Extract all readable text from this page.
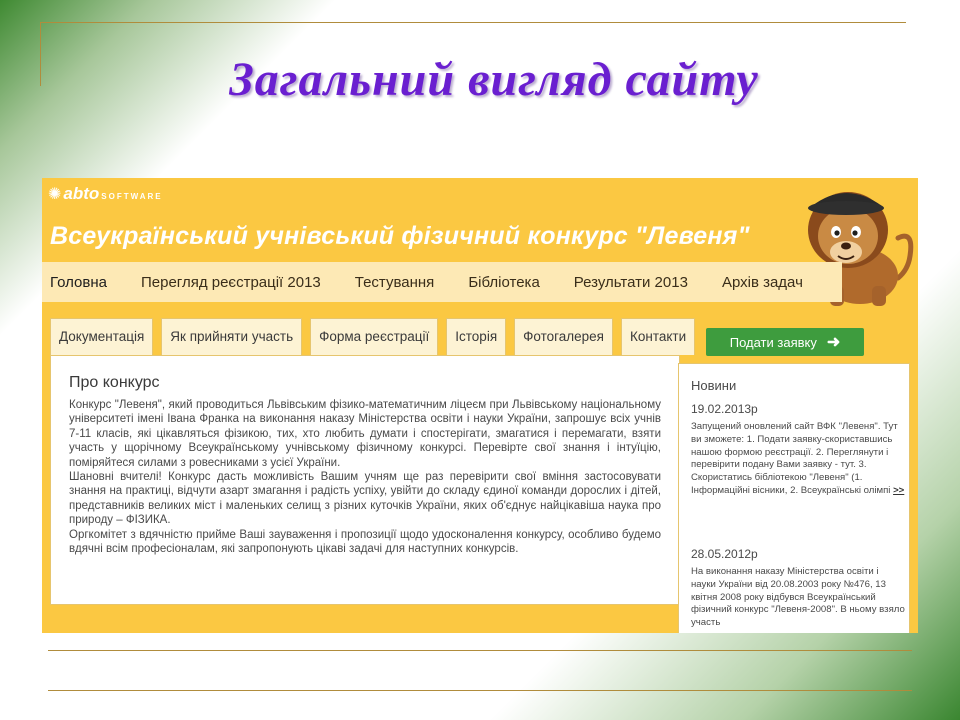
Загальний вигляд сайту
✺ abto SOFTWARE
Всеукраїнський учнівський фізичний конкурс "Левеня"
Головна	Перегляд реєстрації 2013	Тестування	Бібліотека	Результати 2013	Архів задач
Документація	Як прийняти участь	Форма реєстрації	Історія	Фотогалерея	Контакти	Подати заявку ➜
Про конкурс

Конкурс "Левеня", який проводиться Львівським фізико-математичним ліцеєм при Львівському національному університеті імені Івана Франка на виконання наказу Міністерства освіти і науки України, запрошує всіх учнів 7-11 класів, які цікавляться фізикою, тих, хто любить думати і спостерігати, змагатися і перемагати, взяти участь у щорічному Всеукраїнському учнівському фізичному конкурсі. Перевірте свої знання і інтуїцію, поміряйтеся силами з ровесниками з усієї України.

Шановні вчителі! Конкурс дасть можливість Вашим учням ще раз перевірити свої вміння застосовувати знання на практиці, відчути азарт змагання і радість успіху, увійти до складу єдиної команди дорослих і дітей, представників великих міст і маленьких селищ з різних куточків України, яких об'єднує найцікавіша наука про природу – ФІЗИКА.

Оргкомітет з вдячністю прийме Ваші зауваження і пропозиції щодо удосконалення конкурсу, особливо будемо вдячні всім професіоналам, які запропонують цікаві задачі для наступних конкурсів.

Новини
19.02.2013р
Запущений оновлений сайт ВФК "Левеня". Тут ви зможете: 1. Подати заявку-скориставшись нашою формою реєстрації. 2. Переглянути і перевірити подану Вами заявку - тут. 3. Скористатись бібліотекою "Левеня" (1. Інформаційні вісники, 2. Всеукраїнські олімпі >>
28.05.2012р
На виконання наказу Міністерства освіти і науки України від 20.08.2003 року №476, 13 квітня 2008 року відбувся Всеукраїнський фізичний конкурс "Левеня-2008". В ньому взяло участь
